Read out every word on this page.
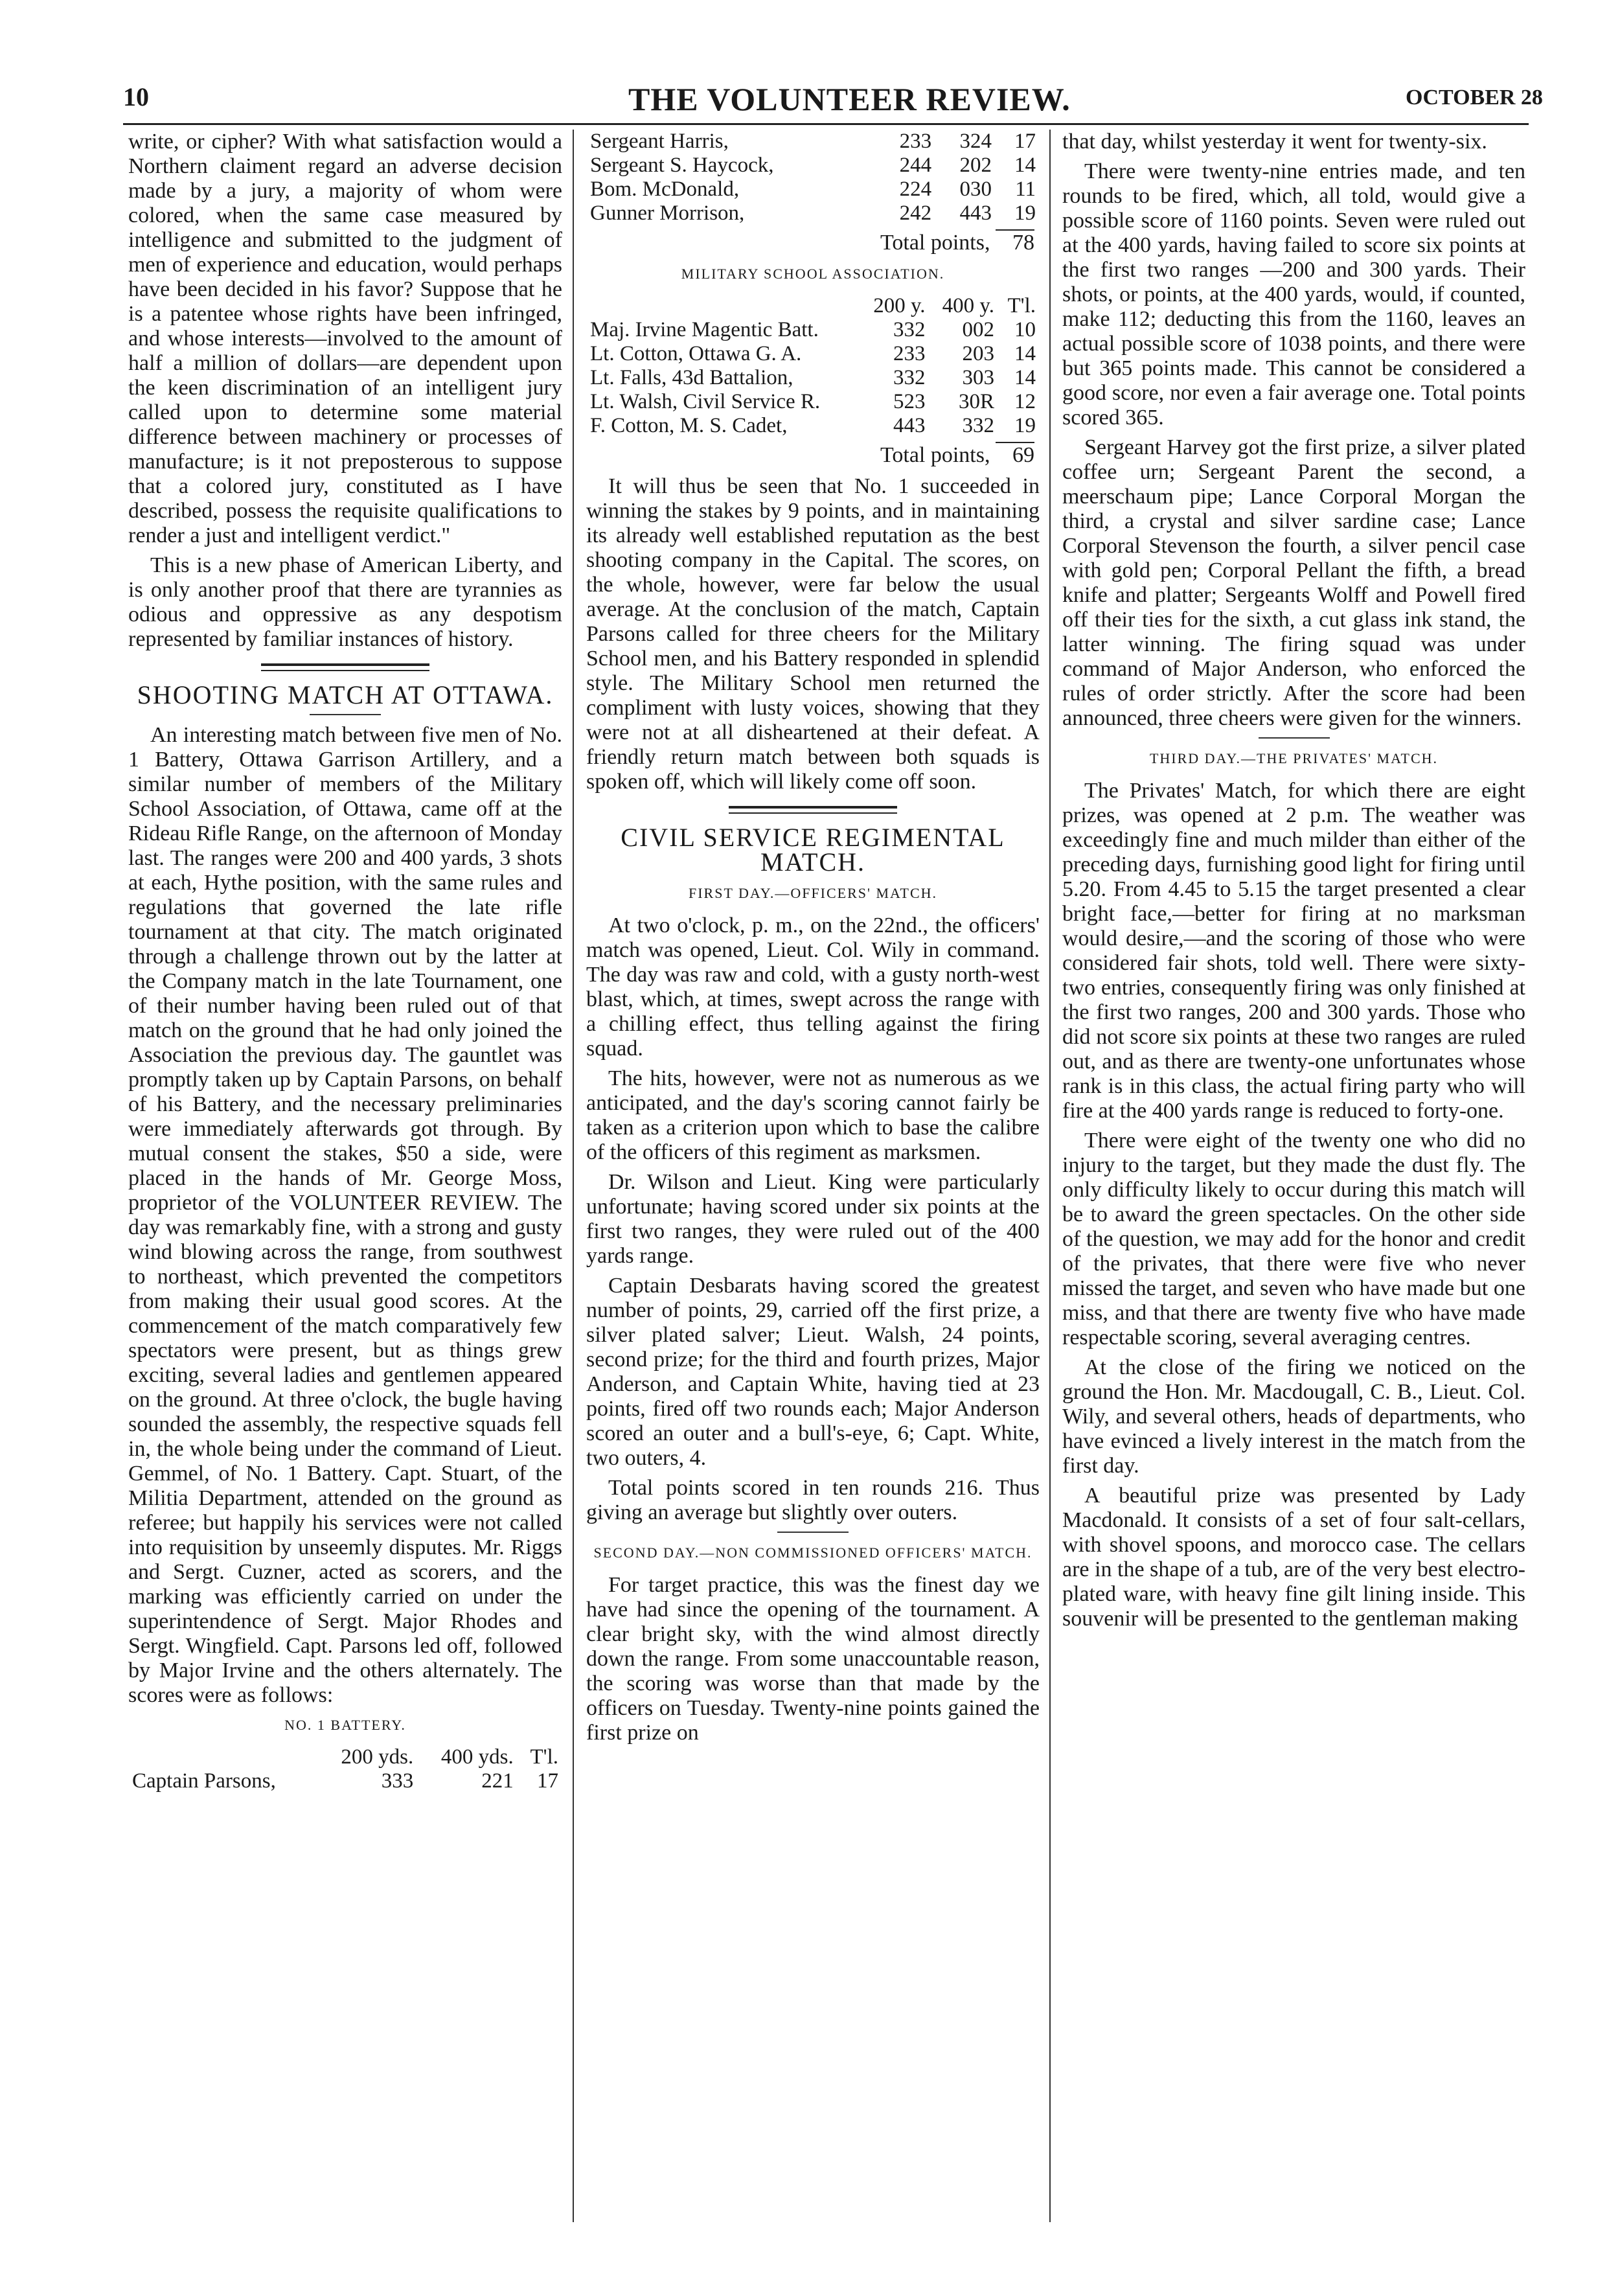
10	THE VOLUNTEER REVIEW.	OCTOBER 28

write, or cipher? With what satisfaction would a Northern claiment regard an adverse decision made by a jury, a majority of whom were colored, when the same case measured by intelligence and submitted to the judgment of men of experience and education, would perhaps have been decided in his favor? Suppose that he is a patentee whose rights have been infringed, and whose interests—involved to the amount of half a million of dollars—are dependent upon the keen discrimination of an intelligent jury called upon to determine some material difference between machinery or processes of manufacture; is it not preposterous to suppose that a colored jury, constituted as I have described, possess the requisite qualifications to render a just and intelligent verdict."

This is a new phase of American Liberty, and is only another proof that there are tyrannies as odious and oppressive as any despotism represented by familiar instances of history.

SHOOTING MATCH AT OTTAWA.

An interesting match between five men of No. 1 Battery, Ottawa Garrison Artillery, and a similar number of members of the Military School Association, of Ottawa, came off at the Rideau Rifle Range, on the afternoon of Monday last. The ranges were 200 and 400 yards, 3 shots at each, Hythe position, with the same rules and regulations that governed the late rifle tournament at that city. The match originated through a challenge thrown out by the latter at the Company match in the late Tournament, one of their number having been ruled out of that match on the ground that he had only joined the Association the previous day. The gauntlet was promptly taken up by Captain Parsons, on behalf of his Battery, and the necessary preliminaries were immediately afterwards got through. By mutual consent the stakes, $50 a side, were placed in the hands of Mr. George Moss, proprietor of the VOLUNTEER REVIEW. The day was remarkably fine, with a strong and gusty wind blowing across the range, from southwest to northeast, which prevented the competitors from making their usual good scores. At the commencement of the match comparatively few spectators were present, but as things grew exciting, several ladies and gentlemen appeared on the ground. At three o'clock, the bugle having sounded the assembly, the respective squads fell in, the whole being under the command of Lieut. Gemmel, of No. 1 Battery. Capt. Stuart, of the Militia Department, attended on the ground as referee; but happily his services were not called into requisition by unseemly disputes. Mr. Riggs and Sergt. Cuzner, acted as scorers, and the marking was efficiently carried on under the superintendence of Sergt. Major Rhodes and Sergt. Wingfield. Capt. Parsons led off, followed by Major Irvine and the others alternately. The scores were as follows:

NO. 1 BATTERY.
	200 yds.	400 yds.	T'l.
Captain Parsons,	333	221	17
Sergeant Harris,	233	324	17
Sergeant S. Haycock,	244	202	14
Bom. McDonald,	224	030	11
Gunner Morrison,	242	443	19
Total points, 78
MILITARY SCHOOL ASSOCIATION.
	200 y.	400 y.	T'l.
Maj. Irvine Magentic Batt.	332	002	10
Lt. Cotton, Ottawa G. A.	233	203	14
Lt. Falls, 43d Battalion,	332	303	14
Lt. Walsh, Civil Service R.	523	30R	12
F. Cotton, M. S. Cadet,	443	332	19
Total points, 69

It will thus be seen that No. 1 succeeded in winning the stakes by 9 points, and in maintaining its already well established reputation as the best shooting company in the Capital. The scores, on the whole, however, were far below the usual average. At the conclusion of the match, Captain Parsons called for three cheers for the Military School men, and his Battery responded in splendid style. The Military School men returned the compliment with lusty voices, showing that they were not at all disheartened at their defeat. A friendly return match between both squads is spoken off, which will likely come off soon.

CIVIL SERVICE REGIMENTAL MATCH.
FIRST DAY.—OFFICERS' MATCH.

At two o'clock, p. m., on the 22nd., the officers' match was opened, Lieut. Col. Wily in command. The day was raw and cold, with a gusty north-west blast, which, at times, swept across the range with a chilling effect, thus telling against the firing squad.

The hits, however, were not as numerous as we anticipated, and the day's scoring cannot fairly be taken as a criterion upon which to base the calibre of the officers of this regiment as marksmen.

Dr. Wilson and Lieut. King were particularly unfortunate; having scored under six points at the first two ranges, they were ruled out of the 400 yards range.

Captain Desbarats having scored the greatest number of points, 29, carried off the first prize, a silver plated salver; Lieut. Walsh, 24 points, second prize; for the third and fourth prizes, Major Anderson, and Captain White, having tied at 23 points, fired off two rounds each; Major Anderson scored an outer and a bull's-eye, 6; Capt. White, two outers, 4.

Total points scored in ten rounds 216. Thus giving an average but slightly over outers.

SECOND DAY.—NON COMMISSIONED OFFICERS' MATCH.

For target practice, this was the finest day we have had since the opening of the tournament. A clear bright sky, with the wind almost directly down the range. From some unaccountable reason, the scoring was worse than that made by the officers on Tuesday. Twenty-nine points gained the first prize on

that day, whilst yesterday it went for twenty-six.

There were twenty-nine entries made, and ten rounds to be fired, which, all told, would give a possible score of 1160 points. Seven were ruled out at the 400 yards, having failed to score six points at the first two ranges —200 and 300 yards. Their shots, or points, at the 400 yards, would, if counted, make 112; deducting this from the 1160, leaves an actual possible score of 1038 points, and there were but 365 points made. This cannot be considered a good score, nor even a fair average one. Total points scored 365.

Sergeant Harvey got the first prize, a silver plated coffee urn; Sergeant Parent the second, a meerschaum pipe; Lance Corporal Morgan the third, a crystal and silver sardine case; Lance Corporal Stevenson the fourth, a silver pencil case with gold pen; Corporal Pellant the fifth, a bread knife and platter; Sergeants Wolff and Powell fired off their ties for the sixth, a cut glass ink stand, the latter winning. The firing squad was under command of Major Anderson, who enforced the rules of order strictly. After the score had been announced, three cheers were given for the winners.

THIRD DAY.—THE PRIVATES' MATCH.

The Privates' Match, for which there are eight prizes, was opened at 2 p.m. The weather was exceedingly fine and much milder than either of the preceding days, furnishing good light for firing until 5.20. From 4.45 to 5.15 the target presented a clear bright face,—better for firing at no marksman would desire,—and the scoring of those who were considered fair shots, told well. There were sixty-two entries, consequently firing was only finished at the first two ranges, 200 and 300 yards. Those who did not score six points at these two ranges are ruled out, and as there are twenty-one unfortunates whose rank is in this class, the actual firing party who will fire at the 400 yards range is reduced to forty-one.

There were eight of the twenty one who did no injury to the target, but they made the dust fly. The only difficulty likely to occur during this match will be to award the green spectacles. On the other side of the question, we may add for the honor and credit of the privates, that there were five who never missed the target, and seven who have made but one miss, and that there are twenty five who have made respectable scoring, several averaging centres.

At the close of the firing we noticed on the ground the Hon. Mr. Macdougall, C. B., Lieut. Col. Wily, and several others, heads of departments, who have evinced a lively interest in the match from the first day.

A beautiful prize was presented by Lady Macdonald. It consists of a set of four salt-cellars, with shovel spoons, and morocco case. The cellars are in the shape of a tub, are of the very best electro-plated ware, with heavy fine gilt lining inside. This souvenir will be presented to the gentleman making
